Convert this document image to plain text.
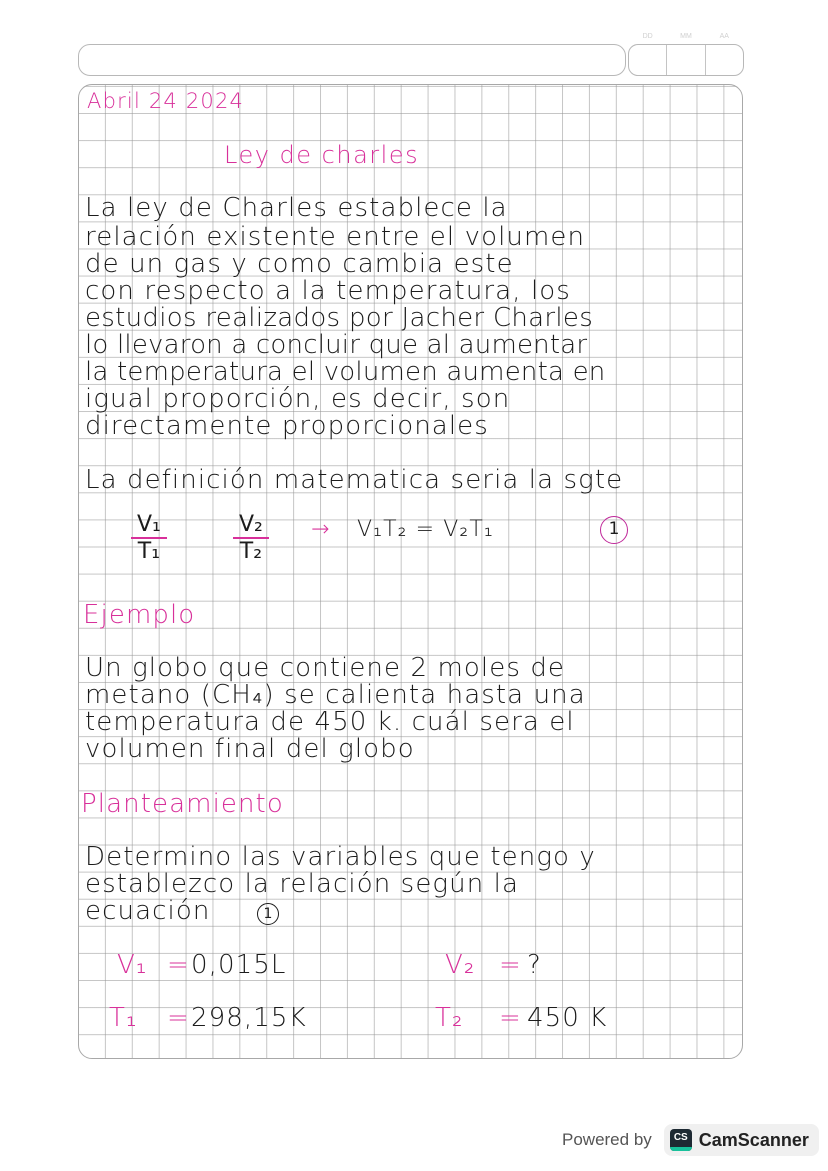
DD	MM	AA
Abril 24 2024
Ley de charles
La ley de Charles establece la
relación existente entre el volumen
de un gas y como cambia este
con respecto a la temperatura, los
estudios realizados por Jacher Charles
lo llevaron a concluir que al aumentar
la temperatura el volumen aumenta en
igual proporción, es decir, son
directamente proporcionales
La definición matematica seria la sgte
$\frac{\text{V₁}}{\text{T₁}}$	$\frac{\text{V₂}}{\text{T₂}} \to V_1T_2 = V_2T_1$	1
Ejemplo
Un globo que contiene 2 moles de
metano (CH₄) se calienta hasta una
temperatura de 450 k. cuál sera el
volumen final del globo
Planteamiento
Determino las variables que tengo y
establezco la relación según la
ecuación	1
V₁ = 0,015L	V₂ = ?
T₁ = 298,15K	T₂ = 450 K
Powered by	CS CamScanner
